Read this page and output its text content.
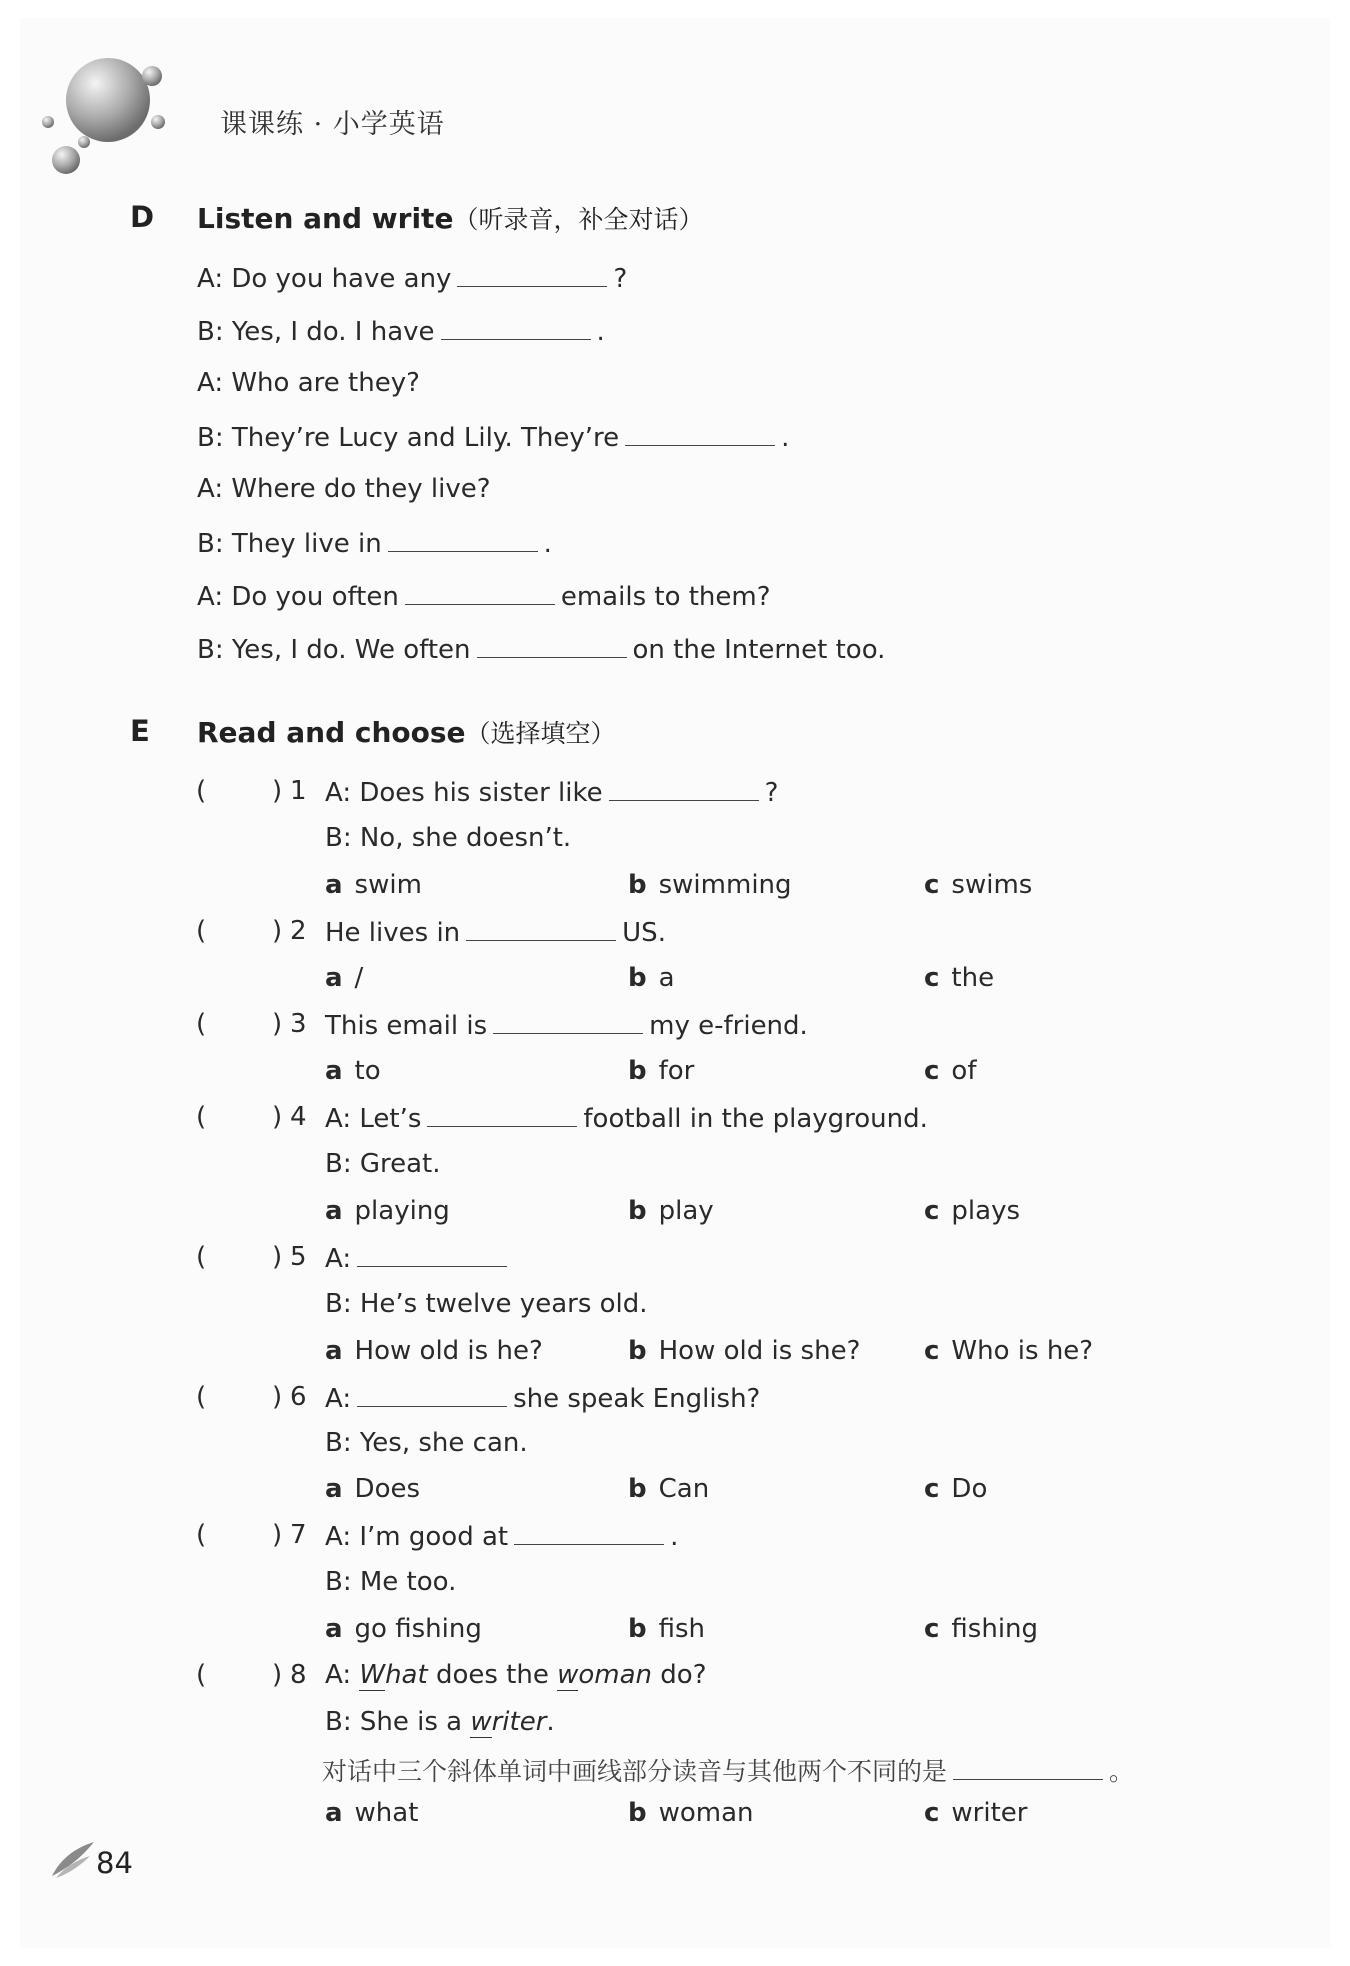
课课练 · 小学英语
D Listen and write（听录音，补全对话）
A: Do you have any	?
B: Yes, I do. I have	.
A: Who are they?
B: They’re Lucy and Lily. They’re	.
A: Where do they live?
B: They live in	.
A: Do you often	emails to them?
B: Yes, I do. We often	on the Internet too.
E Read and choose（选择填空）
(	) 1 A: Does his sister like	?
B: No, she doesn’t.
a swim	b swimming	c swims
(	) 2 He lives in	US.
a /	b a	c the
(	) 3 This email is	my e-friend.
a to	b for	c of
(	) 4 A: Let’s	football in the playground.
B: Great.
a playing	b play	c plays
(	) 5 A:
B: He’s twelve years old.
a How old is he?	b How old is she? c Who is he?
(	) 6 A:	she speak English?
B: Yes, she can.
a Does	b Can	c Do
(	) 7 A: I’m good at	.
B: Me too.
a go fishing	b fish	c fishing
(	) 8 A: What does the woman do?
B: She is a writer.
对话中三个斜体单词中画线部分读音与其他两个不同的是	。
a what	b woman	c writer
84
